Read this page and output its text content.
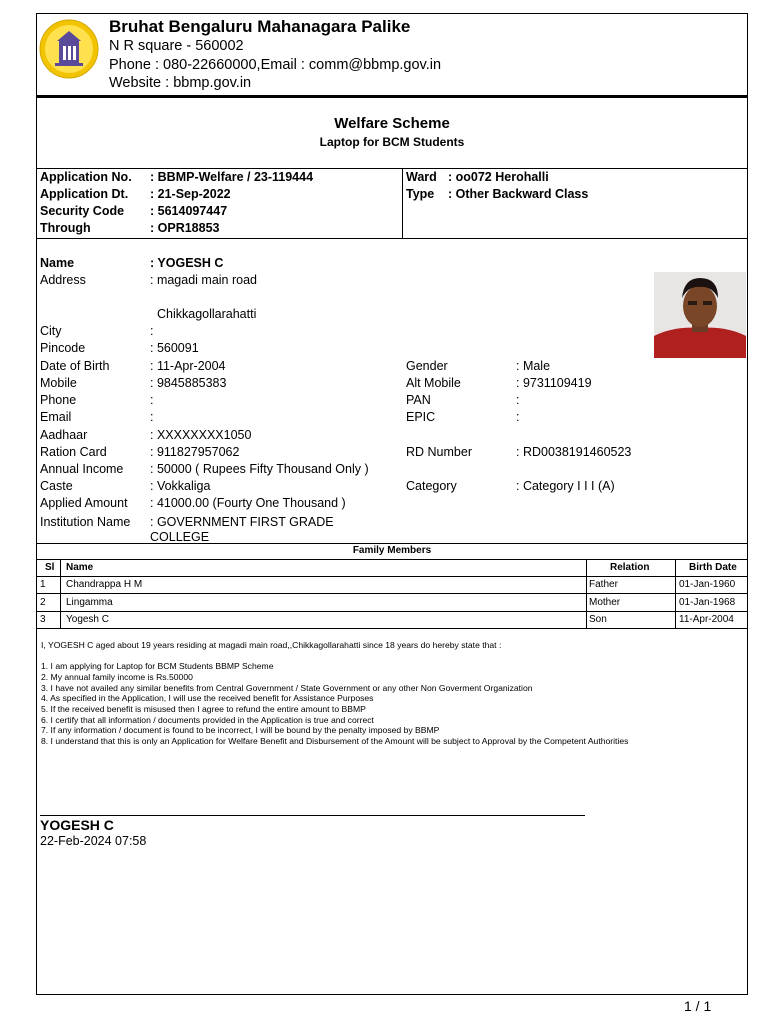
Bruhat Bengaluru Mahanagara Palike
N R square - 560002
Phone : 080-22660000,Email : comm@bbmp.gov.in
Website : bbmp.gov.in
Welfare Scheme
Laptop for BCM Students
Application No. : BBMP-Welfare / 23-119444
Application Dt. : 21-Sep-2022
Security Code : 5614097447
Through	: OPR18853
Ward : oo072 Herohalli
Type : Other Backward Class
Name	: YOGESH C
Address	: magadi main road
Chikkagollarahatti
City	:
Pincode	: 560091
Date of Birth	: 11-Apr-2004
Mobile	: 9845885383
Phone	:
Email	:
Aadhaar	: XXXXXXXX1050
Ration Card	: 911827957062
Annual Income : 50000 ( Rupees Fifty Thousand Only )
Caste	: Vokkaliga
Applied Amount : 41000.00 (Fourty One Thousand )
Institution Name : GOVERNMENT FIRST GRADE
COLLEGE
Gender	: Male
Alt Mobile	: 9731109419
PAN	:
EPIC	:
RD Number	: RD0038191460523
Category	: Category I I I (A)
Family Members
Sl Name	Relation	Birth Date
1 Chandrappa H M	Father	01-Jan-1960
2 Lingamma	Mother	01-Jan-1968
3 Yogesh C	Son	11-Apr-2004
I, YOGESH C aged about 19 years residing at magadi main road,,Chikkagollarahatti since 18 years do hereby state that :
1. I am applying for Laptop for BCM Students BBMP Scheme
2. My annual family income is Rs.50000
3. I have not availed any similar benefits from Central Government / State Government or any other Non Goverment Organization
4. As specified in the Application, I will use the received benefit for Assistance Purposes
5. If the received benefit is misused then I agree to refund the entire amount to BBMP
6. I certify that all information / documents provided in the Application is true and correct
7. If any information / document is found to be incorrect, I will be bound by the penalty imposed by BBMP
8. I understand that this is only an Application for Welfare Benefit and Disbursement of the Amount will be subject to Approval by the Competent Authorities
YOGESH C
22-Feb-2024 07:58
1 / 1
